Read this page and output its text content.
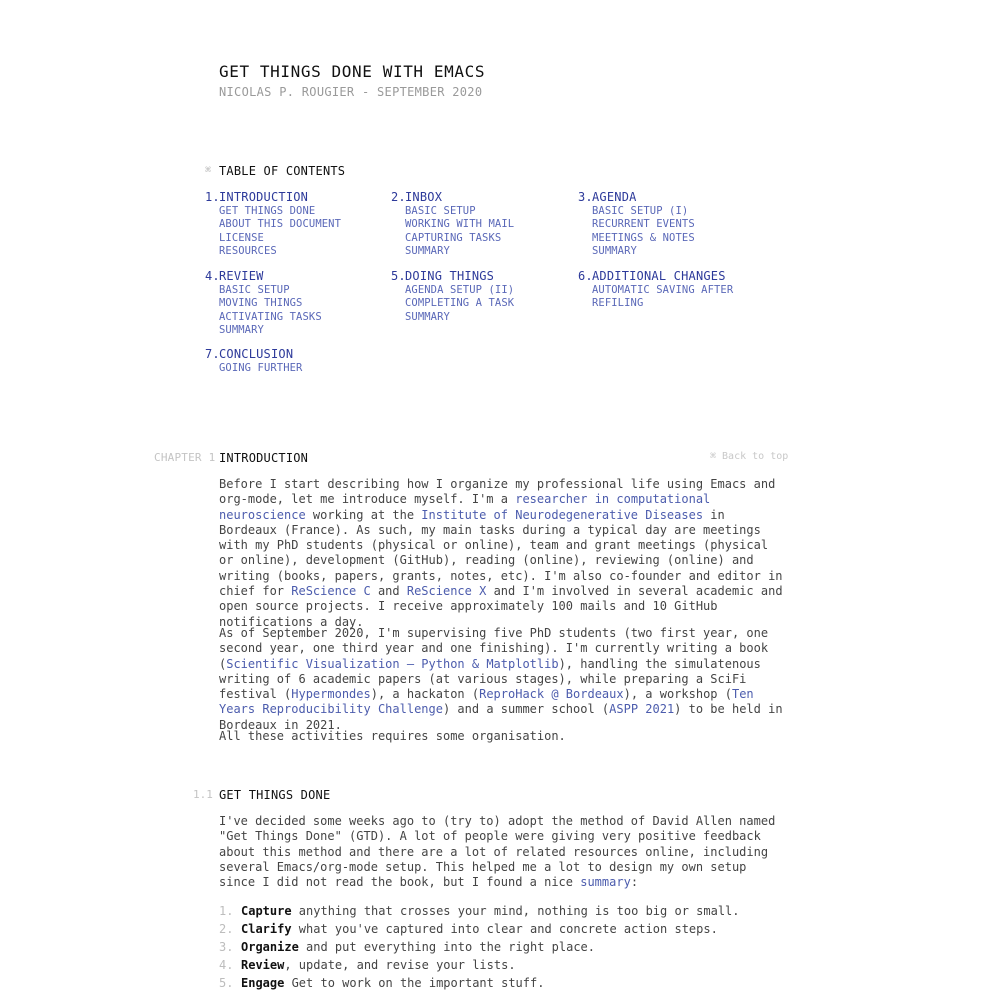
GET THINGS DONE WITH EMACS
NICOLAS P. ROUGIER - SEPTEMBER 2020
⌘ TABLE OF CONTENTS
1.INTRODUCTION
GET THINGS DONE
ABOUT THIS DOCUMENT
LICENSE
RESOURCES
2.INBOX
BASIC SETUP
WORKING WITH MAIL
CAPTURING TASKS
SUMMARY
3.AGENDA
BASIC SETUP (I)
RECURRENT EVENTS
MEETINGS & NOTES
SUMMARY
4.REVIEW
BASIC SETUP
MOVING THINGS
ACTIVATING TASKS
SUMMARY
5.DOING THINGS
AGENDA SETUP (II)
COMPLETING A TASK
SUMMARY
6.ADDITIONAL CHANGES
AUTOMATIC SAVING AFTER
REFILING
7.CONCLUSION
GOING FURTHER
CHAPTER 1 INTRODUCTION	⌘ Back to top

Before I start describing how I organize my professional life using Emacs and org-mode, let me introduce myself. I'm a researcher in computational neuroscience working at the Institute of Neurodegenerative Diseases in Bordeaux (France). As such, my main tasks during a typical day are meetings with my PhD students (physical or online), team and grant meetings (physical or online), development (GitHub), reading (online), reviewing (online) and writing (books, papers, grants, notes, etc). I'm also co-founder and editor in chief for ReScience C and ReScience X and I'm involved in several academic and open source projects. I receive approximately 100 mails and 10 GitHub notifications a day.

As of September 2020, I'm supervising five PhD students (two first year, one second year, one third year and one finishing). I'm currently writing a book (Scientific Visualization — Python & Matplotlib), handling the simulatenous writing of 6 academic papers (at various stages), while preparing a SciFi festival (Hypermondes), a hackaton (ReproHack @ Bordeaux), a workshop (Ten Years Reproducibility Challenge) and a summer school (ASPP 2021) to be held in Bordeaux in 2021.

All these activities requires some organisation.

1.1 GET THINGS DONE

I've decided some weeks ago to (try to) adopt the method of David Allen named "Get Things Done" (GTD). A lot of people were giving very positive feedback about this method and there are a lot of related resources online, including several Emacs/org-mode setup. This helped me a lot to design my own setup since I did not read the book, but I found a nice summary:

1. Capture anything that crosses your mind, nothing is too big or small.
2. Clarify what you've captured into clear and concrete action steps.
3. Organize and put everything into the right place.
4. Review, update, and revise your lists.
5. Engage Get to work on the important stuff.
